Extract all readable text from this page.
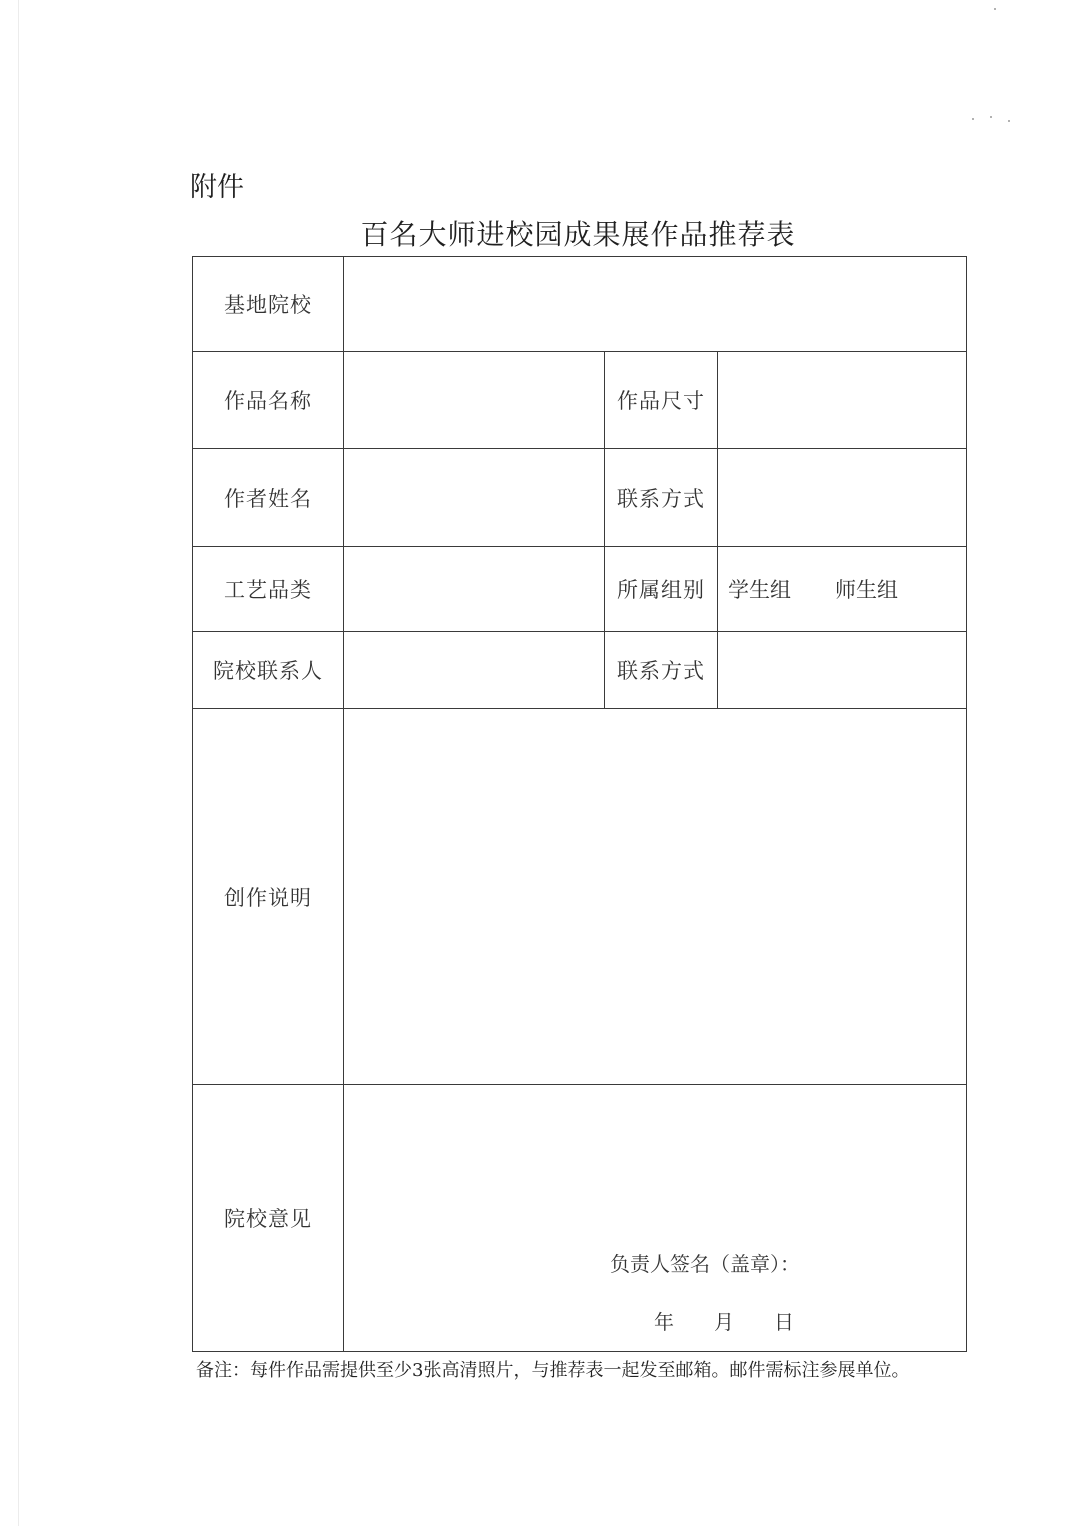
附件
百名大师进校园成果展作品推荐表
基地院校			
作品名称		作品尺寸	
作者姓名		联系方式	
工艺品类		所属组别	学生组 师生组

院校联系人		联系方式	
创作说明			
院校意见	负责人签名（盖章）：
年 月 日		
备注：每件作品需提供至少3张高清照片，与推荐表一起发至邮箱。邮件需标注参展单位。
